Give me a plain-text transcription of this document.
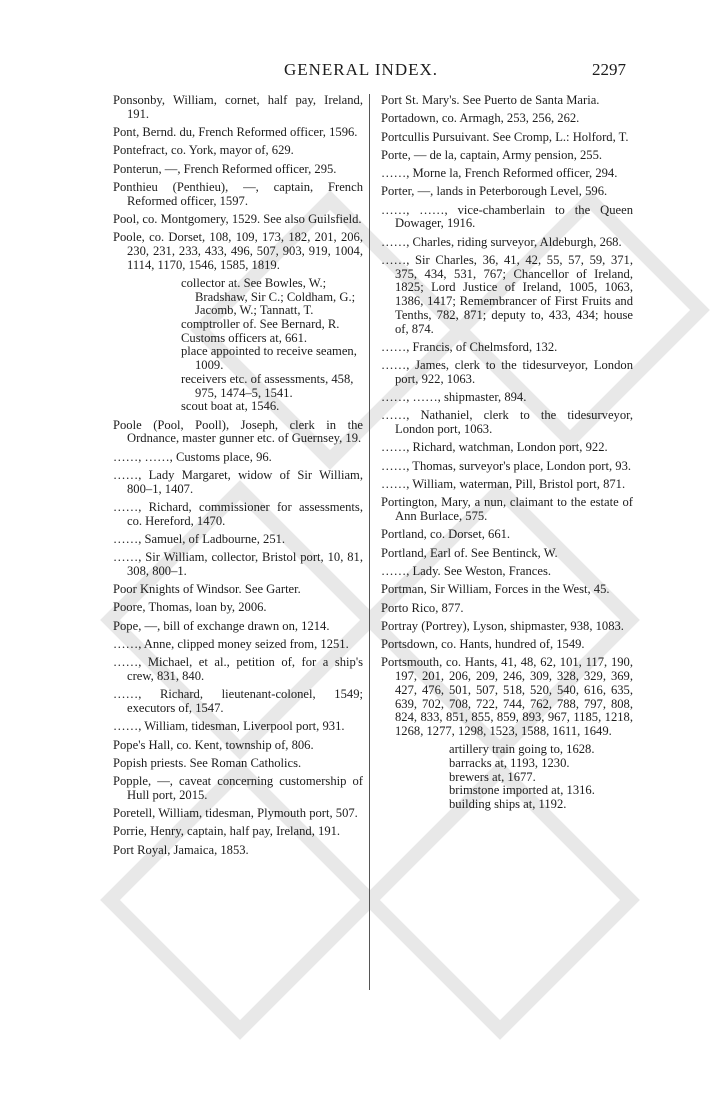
GENERAL INDEX.	2297

Ponsonby, William, cornet, half pay, Ireland, 191.

Pont, Bernd. du, French Reformed officer, 1596.

Pontefract, co. York, mayor of, 629.

Ponterun, —, French Reformed officer, 295.

Ponthieu (Penthieu), —, captain, French Reformed officer, 1597.

Pool, co. Montgomery, 1529. See also Guilsfield.

Poole, co. Dorset, 108, 109, 173, 182, 201, 206, 230, 231, 233, 433, 496, 507, 903, 919, 1004, 1114, 1170, 1546, 1585, 1819.

collector at. See Bowles, W.; Bradshaw, Sir C.; Coldham, G.; Jacomb, W.; Tannatt, T.

comptroller of. See Bernard, R.

Customs officers at, 661.

place appointed to receive seamen, 1009.

receivers etc. of assessments, 458, 975, 1474–5, 1541.

scout boat at, 1546.

Poole (Pool, Pooll), Joseph, clerk in the Ordnance, master gunner etc. of Guernsey, 19.

……, ……, Customs place, 96.

……, Lady Margaret, widow of Sir William, 800–1, 1407.

……, Richard, commissioner for assessments, co. Hereford, 1470.

……, Samuel, of Ladbourne, 251.

……, Sir William, collector, Bristol port, 10, 81, 308, 800–1.

Poor Knights of Windsor. See Garter.

Poore, Thomas, loan by, 2006.

Pope, —, bill of exchange drawn on, 1214.

……, Anne, clipped money seized from, 1251.

……, Michael, et al., petition of, for a ship's crew, 831, 840.

……, Richard, lieutenant-colonel, 1549; executors of, 1547.

……, William, tidesman, Liverpool port, 931.

Pope's Hall, co. Kent, township of, 806.

Popish priests. See Roman Catholics.

Popple, —, caveat concerning customership of Hull port, 2015.

Poretell, William, tidesman, Plymouth port, 507.

Porrie, Henry, captain, half pay, Ireland, 191.

Port Royal, Jamaica, 1853.

Port St. Mary's. See Puerto de Santa Maria.

Portadown, co. Armagh, 253, 256, 262.

Portcullis Pursuivant. See Cromp, L.: Holford, T.

Porte, — de la, captain, Army pension, 255.

……, Morne la, French Reformed officer, 294.

Porter, —, lands in Peterborough Level, 596.

……, ……, vice-chamberlain to the Queen Dowager, 1916.

……, Charles, riding surveyor, Aldeburgh, 268.

……, Sir Charles, 36, 41, 42, 55, 57, 59, 371, 375, 434, 531, 767; Chancellor of Ireland, 1825; Lord Justice of Ireland, 1005, 1063, 1386, 1417; Remembrancer of First Fruits and Tenths, 782, 871; deputy to, 433, 434; house of, 874.

……, Francis, of Chelmsford, 132.

……, James, clerk to the tidesurveyor, London port, 922, 1063.

……, ……, shipmaster, 894.

……, Nathaniel, clerk to the tidesurveyor, London port, 1063.

……, Richard, watchman, London port, 922.

……, Thomas, surveyor's place, London port, 93.

……, William, waterman, Pill, Bristol port, 871.

Portington, Mary, a nun, claimant to the estate of Ann Burlace, 575.

Portland, co. Dorset, 661.

Portland, Earl of. See Bentinck, W.

……, Lady. See Weston, Frances.

Portman, Sir William, Forces in the West, 45.

Porto Rico, 877.

Portray (Portrey), Lyson, shipmaster, 938, 1083.

Portsdown, co. Hants, hundred of, 1549.

Portsmouth, co. Hants, 41, 48, 62, 101, 117, 190, 197, 201, 206, 209, 246, 309, 328, 329, 369, 427, 476, 501, 507, 518, 520, 540, 616, 635, 639, 702, 708, 722, 744, 762, 788, 797, 808, 824, 833, 851, 855, 859, 893, 967, 1185, 1218, 1268, 1277, 1298, 1523, 1588, 1611, 1649.

artillery train going to, 1628.

barracks at, 1193, 1230.

brewers at, 1677.

brimstone imported at, 1316.

building ships at, 1192.
